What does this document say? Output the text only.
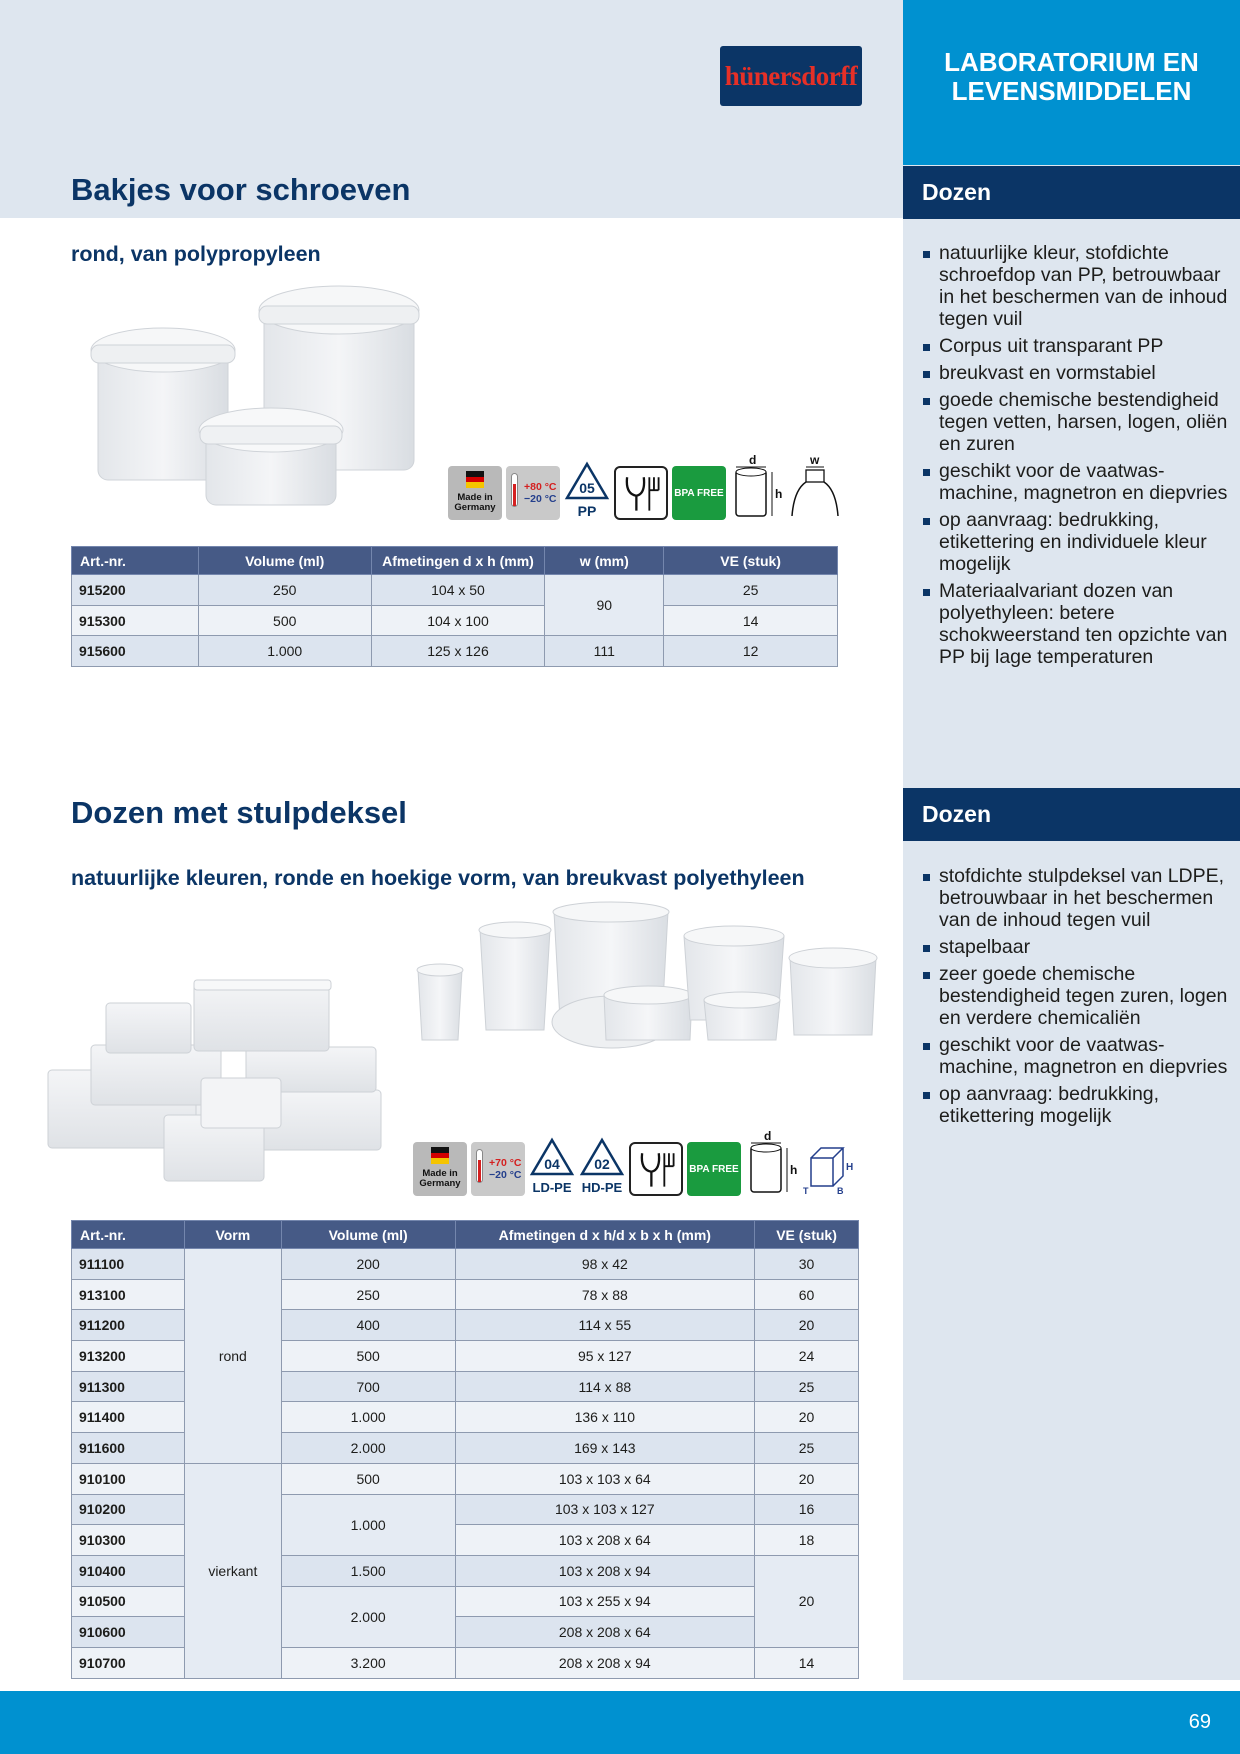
LABORATORIUM EN
LEVENSMIDDELEN
hünersdorff
Bakjes voor schroeven
rond, van polypropyleen
Made in
Germany
+80 °C
−20 °C
05
PP
BPA FREE
d
h
w
Art.-nr.	Volume (ml)	Afmetingen d x h (mm)	w (mm)	VE (stuk)
915200	250	104 x 50	90	25
915300	500	104 x 100		14
915600	1.000	125 x 126	111	12
Dozen
natuurlijke kleur, stofdichte schroefdop van PP, betrouwbaar in het beschermen van de inhoud tegen vuil
Corpus uit transparant PP
breukvast en vormstabiel
goede chemische bestendigheid tegen vetten, harsen, logen, oliën en zuren
geschikt voor de vaatwasmachine, magnetron en diepvries
op aanvraag: bedrukking, etikettering en individuele kleur mogelijk
Materiaalvariant dozen van polyethyleen: betere schokweerstand ten opzichte van PP bij lage temperaturen
Dozen met stulpdeksel
natuurlijke kleuren, ronde en hoekige vorm, van breukvast polyethyleen
Made in
Germany
+70 °C
−20 °C
04
LD-PE
02
HD-PE
BPA FREE
d
h	H
T	B
Art.-nr.	Vorm	Volume (ml)	Afmetingen d x h/d x b x h (mm)	VE (stuk)
911100	rond	200	98 x 42	30
913100		250	78 x 88	60
911200		400	114 x 55	20
913200		500	95 x 127	24
911300		700	114 x 88	25
911400		1.000	136 x 110	20
911600		2.000	169 x 143	25
910100	vierkant	500	103 x 103 x 64	20
910200		1.000	103 x 103 x 127	16
910300			103 x 208 x 64	18
910400		1.500	103 x 208 x 94	20
910500		2.000	103 x 255 x 94	
910600			208 x 208 x 64	
910700		3.200	208 x 208 x 94	14
Dozen
stofdichte stulpdeksel van LDPE, betrouwbaar in het beschermen van de inhoud tegen vuil
stapelbaar
zeer goede chemische bestendigheid tegen zuren, logen en verdere chemicaliën
geschikt voor de vaatwasmachine, magnetron en diepvries
op aanvraag: bedrukking, etikettering mogelijk
69
